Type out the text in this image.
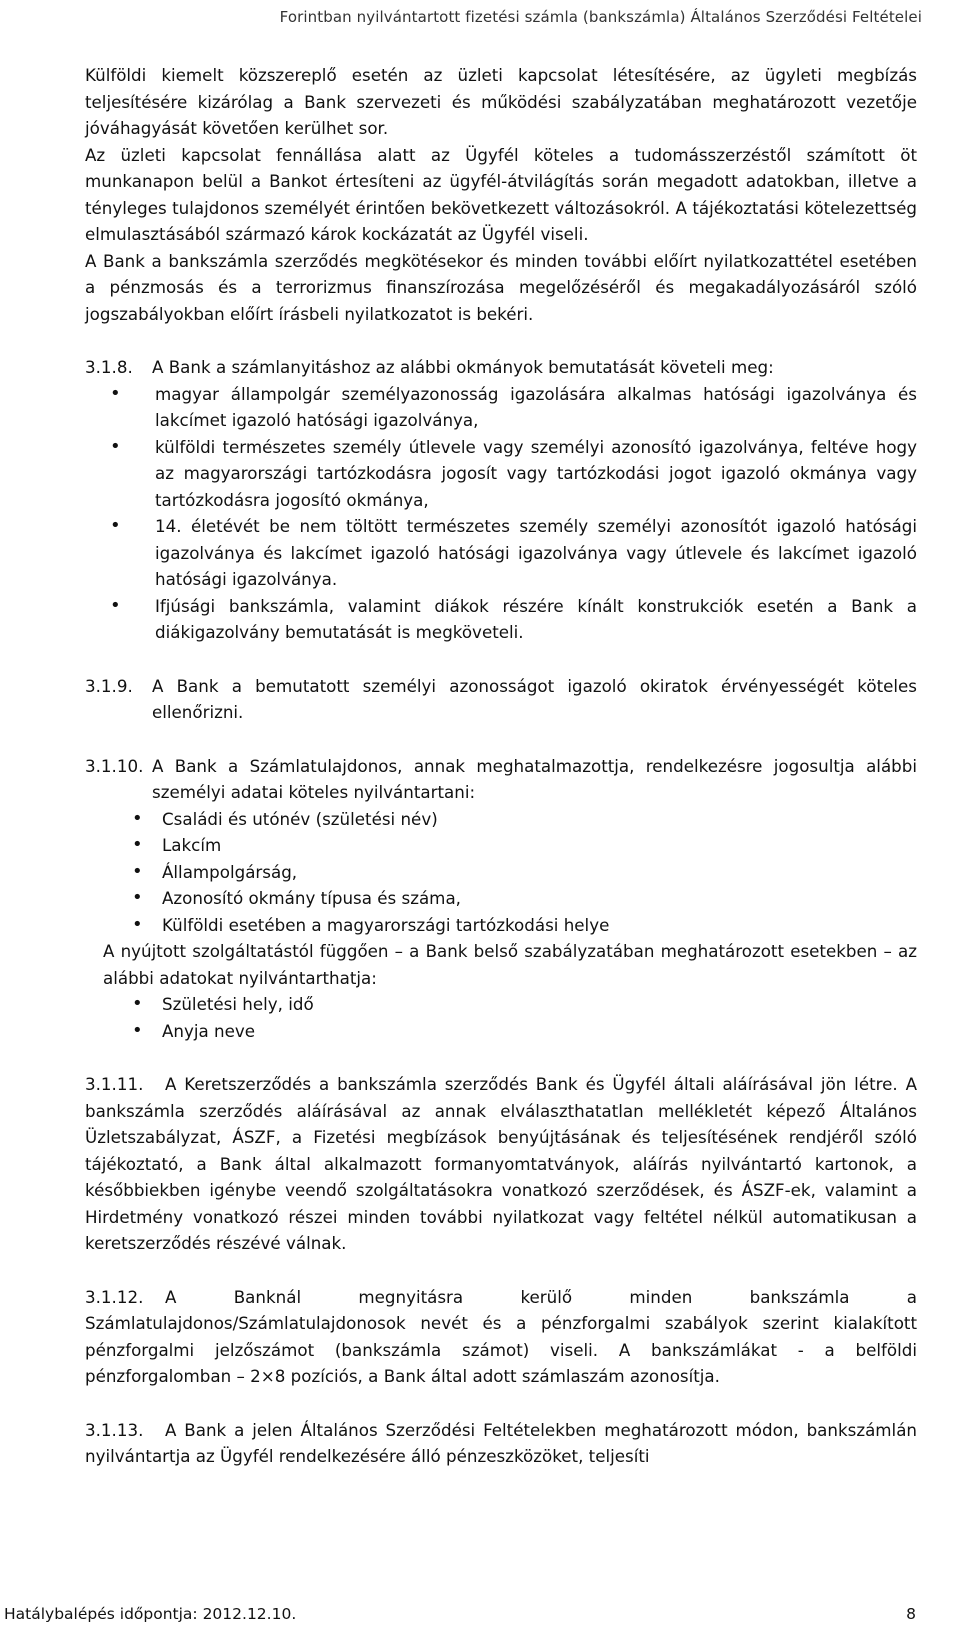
Forintban nyilvántartott fizetési számla (bankszámla) Általános Szerződési Feltételei

Külföldi kiemelt közszereplő esetén az üzleti kapcsolat létesítésére, az ügyleti megbízás teljesítésére kizárólag a Bank szervezeti és működési szabályzatában meghatározott vezetője jóváhagyását követően kerülhet sor.

Az üzleti kapcsolat fennállása alatt az Ügyfél köteles a tudomásszerzéstől számított öt munkanapon belül a Bankot értesíteni az ügyfél-átvilágítás során megadott adatokban, illetve a tényleges tulajdonos személyét érintően bekövetkezett változásokról. A tájékoztatási kötelezettség elmulasztásából származó károk kockázatát az Ügyfél viseli.

A Bank a bankszámla szerződés megkötésekor és minden további előírt nyilatkozattétel esetében a pénzmosás és a terrorizmus finanszírozása megelőzéséről és megakadályozásáról szóló jogszabályokban előírt írásbeli nyilatkozatot is bekéri.

3.1.8.	A Bank a számlanyitáshoz az alábbi okmányok bemutatását követeli meg:
• magyar állampolgár személyazonosság igazolására alkalmas hatósági igazolványa és lakcímet igazoló hatósági igazolványa,
• külföldi természetes személy útlevele vagy személyi azonosító igazolványa, feltéve hogy az magyarországi tartózkodásra jogosít vagy tartózkodási jogot igazoló okmánya vagy tartózkodásra jogosító okmánya,
• 14. életévét be nem töltött természetes személy személyi azonosítót igazoló hatósági igazolványa és lakcímet igazoló hatósági igazolványa vagy útlevele és lakcímet igazoló hatósági igazolványa.
• Ifjúsági bankszámla, valamint diákok részére kínált konstrukciók esetén a Bank a diákigazolvány bemutatását is megköveteli.
3.1.9.	A Bank a bemutatott személyi azonosságot igazoló okiratok érvényességét köteles ellenőrizni.
3.1.10. A Bank a Számlatulajdonos, annak meghatalmazottja, rendelkezésre jogosultja alábbi személyi adatai köteles nyilvántartani:
• Családi és utónév (születési név)
• Lakcím
• Állampolgárság,
• Azonosító okmány típusa és száma,
• Külföldi esetében a magyarországi tartózkodási helye

A nyújtott szolgáltatástól függően – a Bank belső szabályzatában meghatározott esetekben – az alábbi adatokat nyilvántarthatja:

• Születési hely, idő
• Anyja neve
3.1.11.	A Keretszerződés a bankszámla szerződés Bank és Ügyfél általi aláírásával jön létre. A bankszámla szerződés aláírásával az annak elválaszthatatlan mellékletét képező Általános Üzletszabályzat, ÁSZF, a Fizetési megbízások benyújtásának és teljesítésének rendjéről szóló tájékoztató, a Bank által alkalmazott formanyomtatványok, aláírás nyilvántartó kartonok, a későbbiekben igénybe veendő szolgáltatásokra vonatkozó szerződések, és ÁSZF-ek, valamint a Hirdetmény vonatkozó részei minden további nyilatkozat vagy feltétel nélkül automatikusan a keretszerződés részévé válnak.

3.1.12.	A Banknál megnyitásra kerülő minden bankszámla a Számlatulajdonos/Számlatulajdonosok nevét és a pénzforgalmi szabályok szerint kialakított pénzforgalmi jelzőszámot (bankszámla számot) viseli. A bankszámlákat - a belföldi pénzforgalomban – 2×8 pozíciós, a Bank által adott számlaszám azonosítja.

3.1.13.	A Bank a jelen Általános Szerződési Feltételekben meghatározott módon, bankszámlán nyilvántartja az Ügyfél rendelkezésére álló pénzeszközöket, teljesíti

Hatálybalépés időpontja: 2012.12.10.	8
